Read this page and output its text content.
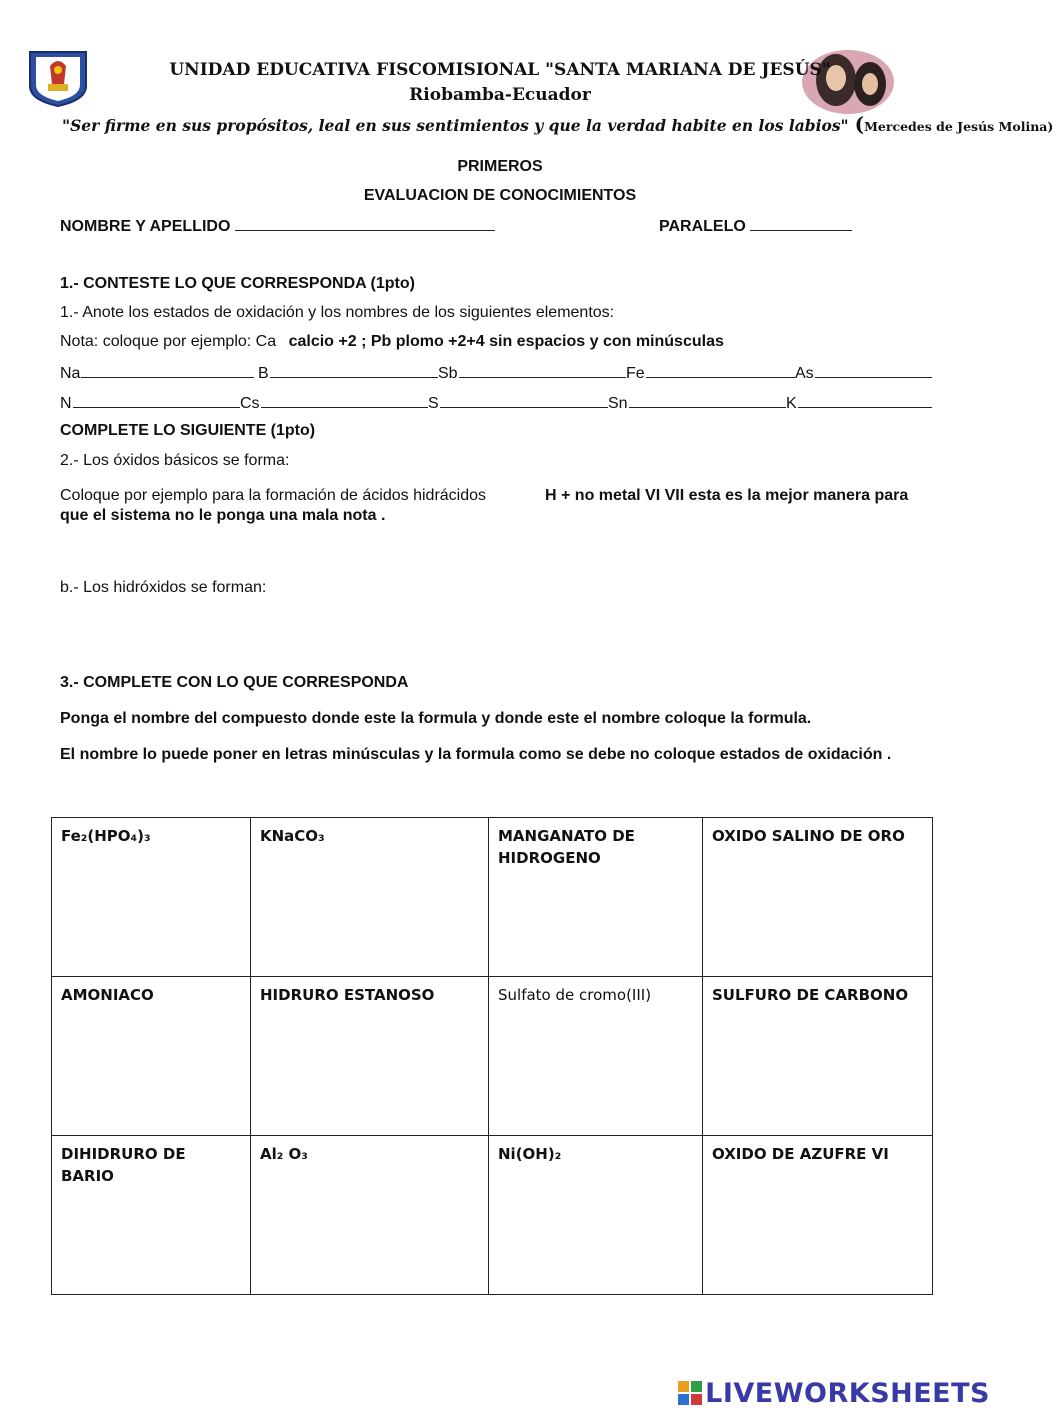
UNIDAD EDUCATIVA FISCOMISIONAL "SANTA MARIANA DE JESÚS"
Riobamba-Ecuador
"Ser firme en sus propósitos, leal en sus sentimientos y que la verdad habite en los labios" (Mercedes de Jesús Molina)
PRIMEROS
EVALUACION DE CONOCIMIENTOS
NOMBRE Y APELLIDO	PARALELO
1.- CONTESTE LO QUE CORRESPONDA (1pto)
1.- Anote los estados de oxidación y los nombres de los siguientes elementos:
Nota: coloque por ejemplo: Ca calcio +2 ; Pb plomo +2+4 sin espacios y con minúsculas
Na	B	Sb	Fe	As
N	Cs	S	Sn	K
COMPLETE LO SIGUIENTE (1pto)
2.- Los óxidos básicos se forma:
Coloque por ejemplo para la formación de ácidos hidrácidos	H + no metal VI VII esta es la mejor manera para
que el sistema no le ponga una mala nota .
b.- Los hidróxidos se forman:
3.- COMPLETE CON LO QUE CORRESPONDA
Ponga el nombre del compuesto donde este la formula y donde este el nombre coloque la formula.
El nombre lo puede poner en letras minúsculas y la formula como se debe no coloque estados de oxidación .
Fe₂(HPO₄)₃	KNaCO₃	MANGANATO DE HIDROGENO	OXIDO SALINO DE ORO
AMONIACO	HIDRURO ESTANOSO	Sulfato de cromo(III)	SULFURO DE CARBONO
DIHIDRURO DE BARIO	Al₂ O₃	Ni(OH)₂	OXIDO DE AZUFRE VI
LIVEWORKSHEETS
